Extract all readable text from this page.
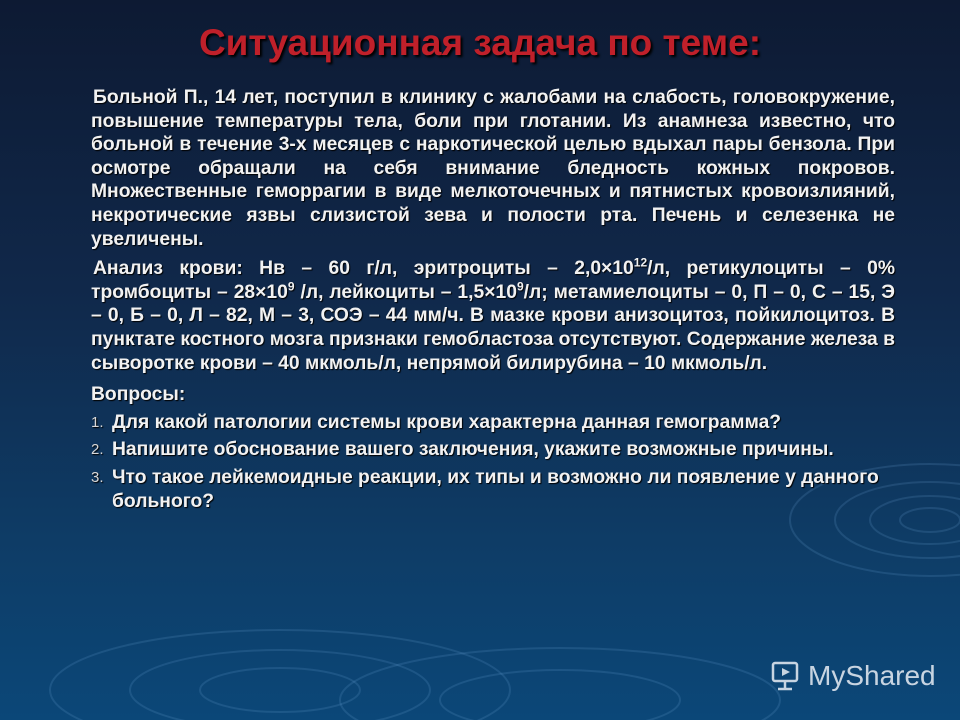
Ситуационная задача по теме:

Больной П., 14 лет, поступил в клинику с жалобами на слабость, головокружение, повышение температуры тела, боли при глотании. Из анамнеза известно, что больной в течение 3-х месяцев с наркотической целью вдыхал пары бензола. При осмотре обращали на себя внимание бледность кожных покровов. Множественные геморрагии в виде мелкоточечных и пятнистых кровоизлияний, некротические язвы слизистой зева и полости рта. Печень и селезенка не увеличены.

Анализ крови: Нв – 60 г/л, эритроциты – $2,0\times 10^{12}/л$, ретикулоциты – 0% тромбоциты – $28\times 10^9$ /л, лейкоциты – $1,5\times 10^9/л$; метамиелоциты – 0, П – 0, С – 15, Э – 0, Б – 0, Л – 82, М – 3, СОЭ – 44 мм/ч. В мазке крови анизоцитоз, пойкилоцитоз. В пунктате костного мозга признаки гемобластоза отсутствуют. Содержание железа в сыворотке крови – 40 мкмоль/л, непрямой билирубина – 10 мкмоль/л.

Вопросы:
1. Для какой патологии системы крови характерна данная гемограмма?
2. Напишите обоснование вашего заключения, укажите возможные причины.
3. Что такое лейкемоидные реакции, их типы и возможно ли появление у данного больного?
MyShared
